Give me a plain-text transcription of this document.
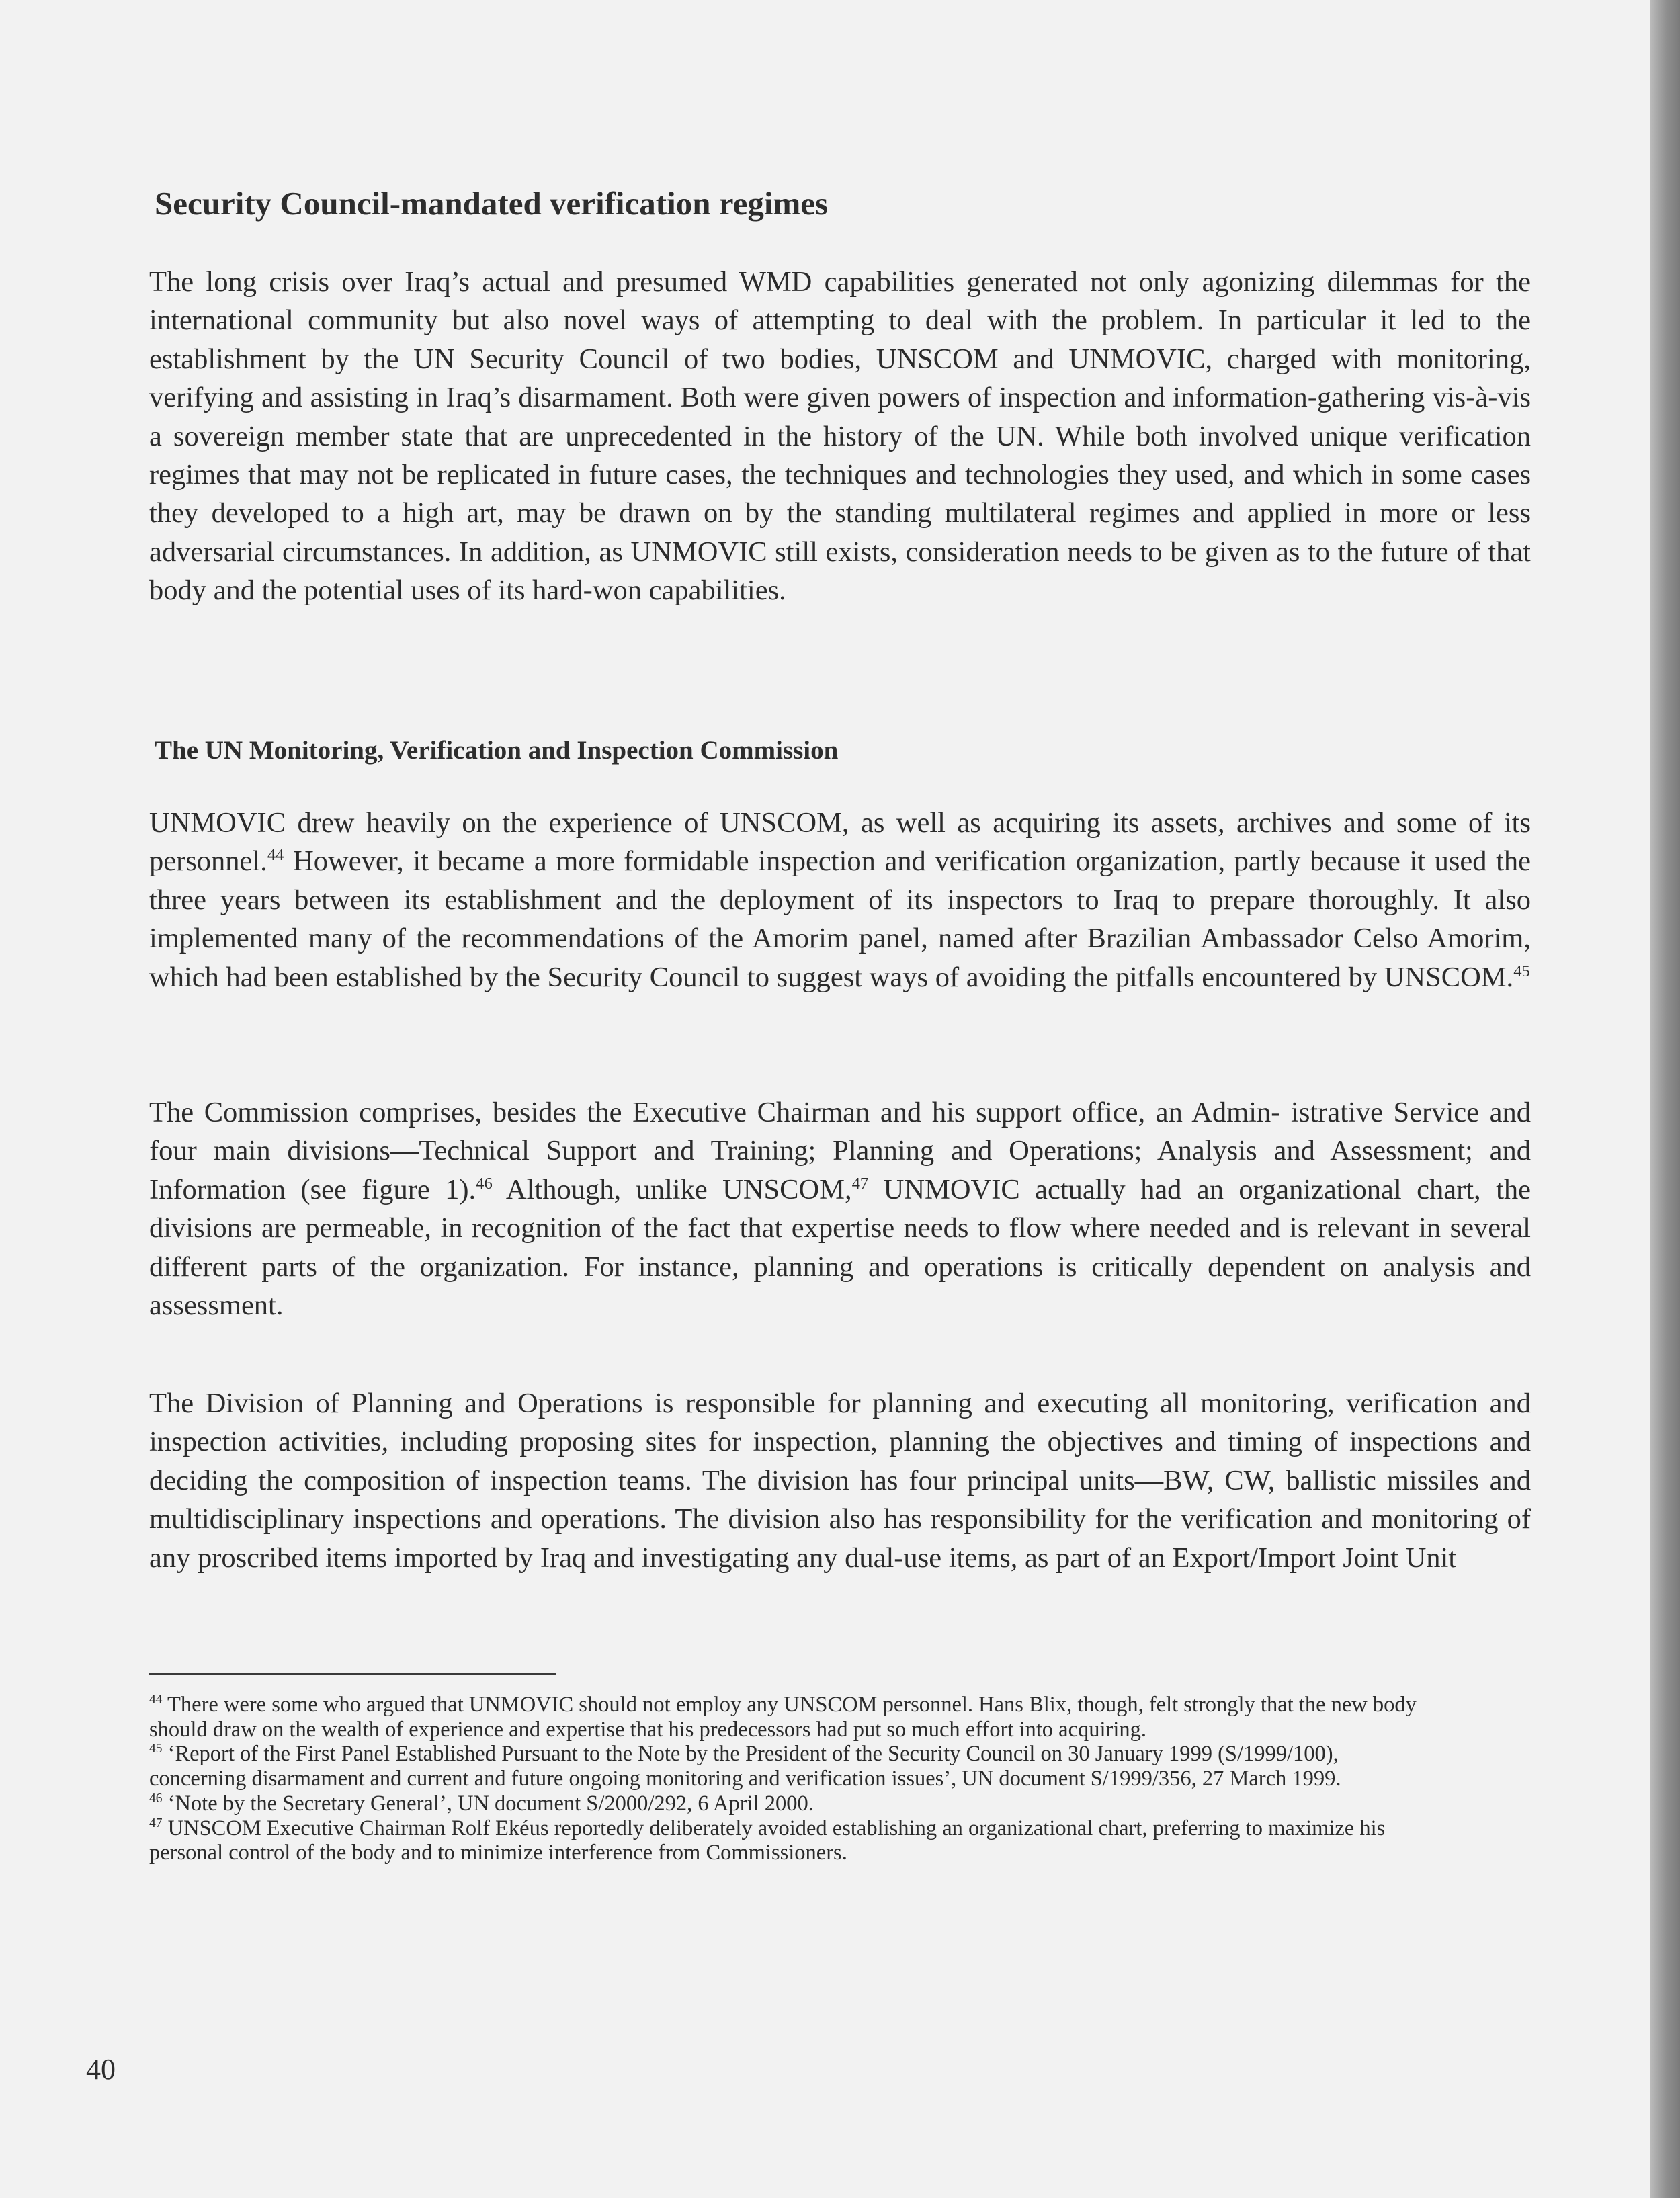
Security Council-mandated verification regimes
The long crisis over Iraq’s actual and presumed WMD capabilities generated not only agonizing dilemmas for the international community but also novel ways of attempting to deal with the problem. In particular it led to the establishment by the UN Security Council of two bodies, UNSCOM and UNMOVIC, charged with monitoring, verifying and assisting in Iraq’s disarmament. Both were given powers of inspection and information-gathering vis-à-vis a sovereign member state that are unprecedented in the history of the UN. While both involved unique verification regimes that may not be replicated in future cases, the techniques and technologies they used, and which in some cases they developed to a high art, may be drawn on by the standing multilateral regimes and applied in more or less adversarial circumstances. In addition, as UNMOVIC still exists, consideration needs to be given as to the future of that body and the potential uses of its hard-won capabilities.
The UN Monitoring, Verification and Inspection Commission
UNMOVIC drew heavily on the experience of UNSCOM, as well as acquiring its assets, archives and some of its personnel.$^{44}$ However, it became a more formidable inspection and verification organization, partly because it used the three years between its establishment and the deployment of its inspectors to Iraq to prepare thoroughly. It also implemented many of the recommendations of the Amorim panel, named after Brazilian Ambassador Celso Amorim, which had been established by the Security Council to suggest ways of avoiding the pitfalls encountered by UNSCOM.$^{45}$
The Commission comprises, besides the Executive Chairman and his support office, an Admin- istrative Service and four main divisions—Technical Support and Training; Planning and Operations; Analysis and Assessment; and Information (see figure 1).$^{46}$ Although, unlike UNSCOM,$^{47}$ UNMOVIC actually had an organizational chart, the divisions are permeable, in recognition of the fact that expertise needs to flow where needed and is relevant in several different parts of the organization. For instance, planning and operations is critically dependent on analysis and assessment.
The Division of Planning and Operations is responsible for planning and executing all monitoring, verification and inspection activities, including proposing sites for inspection, planning the objectives and timing of inspections and deciding the composition of inspection teams. The division has four principal units—BW, CW, ballistic missiles and multidisciplinary inspections and operations. The division also has responsibility for the verification and monitoring of any proscribed items imported by Iraq and investigating any dual-use items, as part of an Export/Import Joint Unit
$^{44}$ There were some who argued that UNMOVIC should not employ any UNSCOM personnel. Hans Blix, though, felt strongly that the new body should draw on the wealth of experience and expertise that his predecessors had put so much effort into acquiring.
$^{45}$ ‘Report of the First Panel Established Pursuant to the Note by the President of the Security Council on 30 January 1999 (S/1999/100), concerning disarmament and current and future ongoing monitoring and verification issues’, UN document S/1999/356, 27 March 1999.
$^{46}$ ‘Note by the Secretary General’, UN document S/2000/292, 6 April 2000.
$^{47}$ UNSCOM Executive Chairman Rolf Ekéus reportedly deliberately avoided establishing an organizational chart, preferring to maximize his personal control of the body and to minimize interference from Commissioners.
40
